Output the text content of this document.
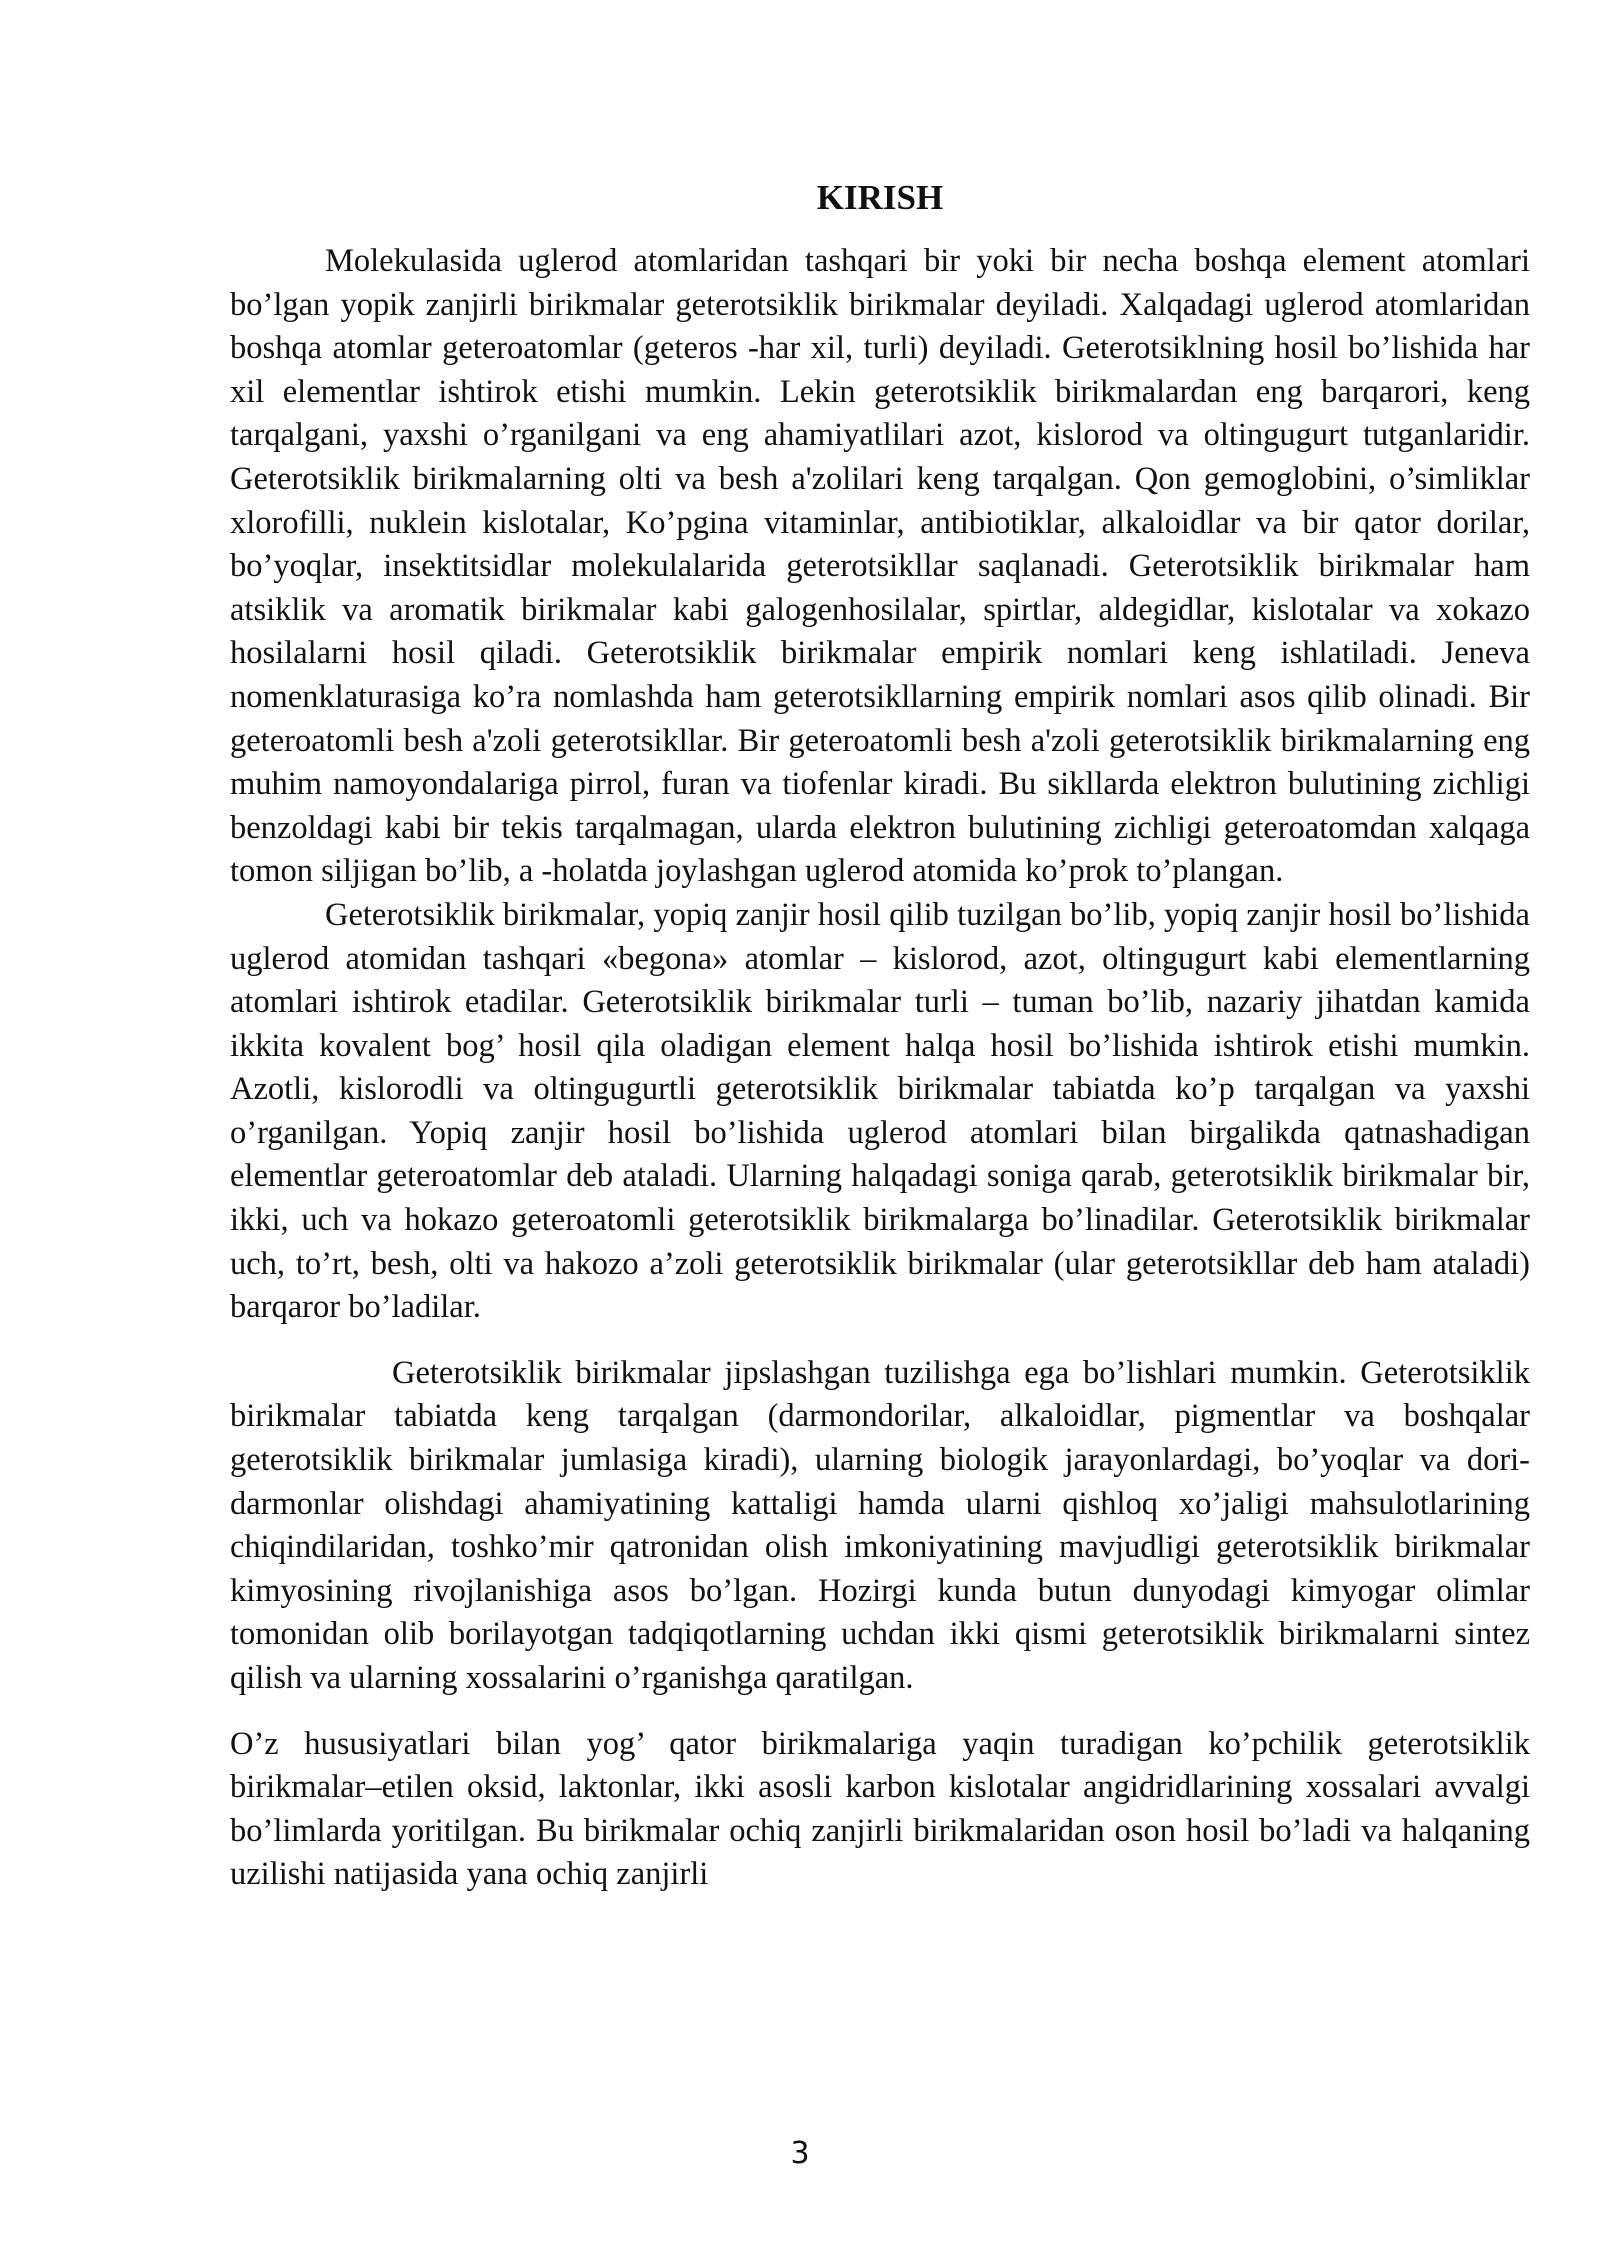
KIRISH

Molekulasida uglerod atomlaridan tashqari bir yoki bir necha boshqa element atomlari bo’lgan yopik zanjirli birikmalar geterotsiklik birikmalar deyiladi. Xalqadagi uglerod atomlaridan boshqa atomlar geteroatomlar (geteros -har xil, turli) deyiladi. Geterotsiklning hosil bo’lishida har xil elementlar ishtirok etishi mumkin. Lekin geterotsiklik birikmalardan eng barqarori, keng tarqalgani, yaxshi o’rganilgani va eng ahamiyatlilari azot, kislorod va oltingugurt tutganlaridir. Geterotsiklik birikmalarning olti va besh a'zolilari keng tarqalgan. Qon gemoglobini, o’simliklar xlorofilli, nuklein kislotalar, Ko’pgina vitaminlar, antibiotiklar, alkaloidlar va bir qator dorilar, bo’yoqlar, insektitsidlar molekulalarida geterotsikllar saqlanadi. Geterotsiklik birikmalar ham atsiklik va aromatik birikmalar kabi galogenhosilalar, spirtlar, aldegidlar, kislotalar va xokazo hosilalarni hosil qiladi. Geterotsiklik birikmalar empirik nomlari keng ishlatiladi. Jeneva nomenklaturasiga ko’ra nomlashda ham geterotsikllarning empirik nomlari asos qilib olinadi. Bir geteroatomli besh a'zoli geterotsikllar. Bir geteroatomli besh a'zoli geterotsiklik birikmalarning eng muhim namoyondalariga pirrol, furan va tiofenlar kiradi. Bu sikllarda elektron bulutining zichligi benzoldagi kabi bir tekis tarqalmagan, ularda elektron bulutining zichligi geteroatomdan xalqaga tomon siljigan bo’lib, a -holatda joylashgan uglerod atomida ko’prok to’plangan.

Geterotsiklik birikmalar, yopiq zanjir hosil qilib tuzilgan bo’lib, yopiq zanjir hosil bo’lishida uglerod atomidan tashqari «begona» atomlar – kislorod, azot, oltingugurt kabi elementlarning atomlari ishtirok etadilar. Geterotsiklik birikmalar turli – tuman bo’lib, nazariy jihatdan kamida ikkita kovalent bog’ hosil qila oladigan element halqa hosil bo’lishida ishtirok etishi mumkin. Azotli, kislorodli va oltingugurtli geterotsiklik birikmalar tabiatda ko’p tarqalgan va yaxshi o’rganilgan. Yopiq zanjir hosil bo’lishida uglerod atomlari bilan birgalikda qatnashadigan elementlar geteroatomlar deb ataladi. Ularning halqadagi soniga qarab, geterotsiklik birikmalar bir, ikki, uch va hokazo geteroatomli geterotsiklik birikmalarga bo’linadilar. Geterotsiklik birikmalar uch, to’rt, besh, olti va hakozo a’zoli geterotsiklik birikmalar (ular geterotsikllar deb ham ataladi) barqaror bo’ladilar.

Geterotsiklik birikmalar jipslashgan tuzilishga ega bo’lishlari mumkin. Geterotsiklik birikmalar tabiatda keng tarqalgan (darmondorilar, alkaloidlar, pigmentlar va boshqalar geterotsiklik birikmalar jumlasiga kiradi), ularning biologik jarayonlardagi, bo’yoqlar va dori-darmonlar olishdagi ahamiyatining kattaligi hamda ularni qishloq xo’jaligi mahsulotlarining chiqindilaridan, toshko’mir qatronidan olish imkoniyatining mavjudligi geterotsiklik birikmalar kimyosining rivojlanishiga asos bo’lgan. Hozirgi kunda butun dunyodagi kimyogar olimlar tomonidan olib borilayotgan tadqiqotlarning uchdan ikki qismi geterotsiklik birikmalarni sintez qilish va ularning xossalarini o’rganishga qaratilgan.

O’z hususiyatlari bilan yog’ qator birikmalariga yaqin turadigan ko’pchilik geterotsiklik birikmalar–etilen oksid, laktonlar, ikki asosli karbon kislotalar angidridlarining xossalari avvalgi bo’limlarda yoritilgan. Bu birikmalar ochiq zanjirli birikmalaridan oson hosil bo’ladi va halqaning uzilishi natijasida yana ochiq zanjirli

3
